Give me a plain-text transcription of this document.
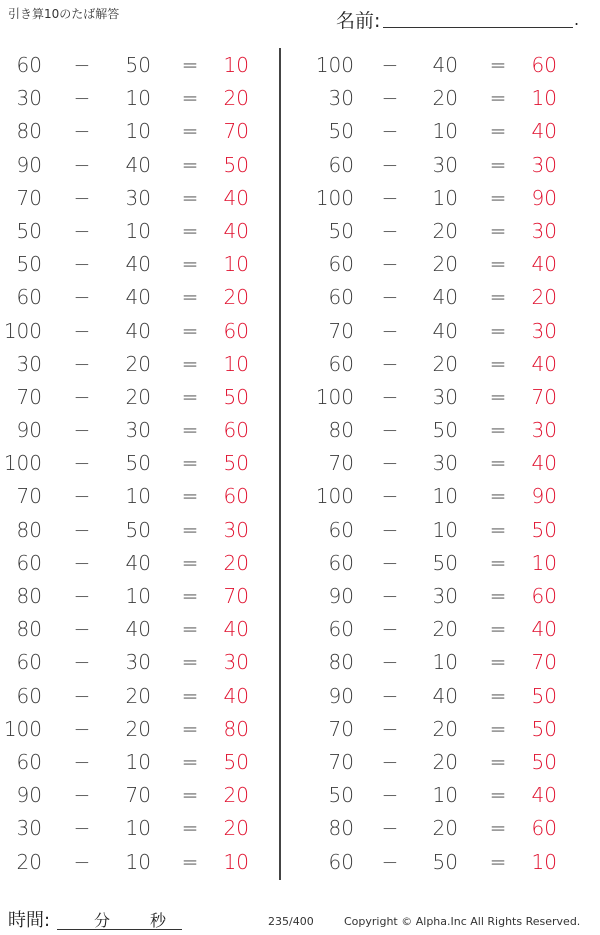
引き算10のたば解答	名前:	.
60 −	50 =	10
30 −	10 =	20
80 −	10 =	70
90 −	40 =	50
70 −	30 =	40
50 −	10 =	40
50 −	40 =	10
60 −	40 =	20
100 −	40 =	60
30 −	20 =	10
70 −	20 =	50
90 −	30 =	60
100 −	50 =	50
70 −	10 =	60
80 −	50 =	30
60 −	40 =	20
80 −	10 =	70
80 −	40 =	40
60 −	30 =	30
60 −	20 =	40
100 −	20 =	80
60 −	10 =	50
90 −	70 =	20
30 −	10 =	20
20 −	10 =	10
100 −	40 =	60
30 −	20 =	10
50 −	10 =	40
60 −	30 =	30
100 −	10 =	90
50 −	20 =	30
60 −	20 =	40
60 −	40 =	20
70 −	40 =	30
60 −	20 =	40
100 −	30 =	70
80 −	50 =	30
70 −	30 =	40
100 −	10 =	90
60 −	10 =	50
60 −	50 =	10
90 −	30 =	60
60 −	20 =	40
80 −	10 =	70
90 −	40 =	50
70 −	20 =	50
70 −	20 =	50
50 −	10 =	40
80 −	20 =	60
60 −	50 =	10
時間:	分 秒	235/400	Copyright © Alpha.Inc All Rights Reserved.
